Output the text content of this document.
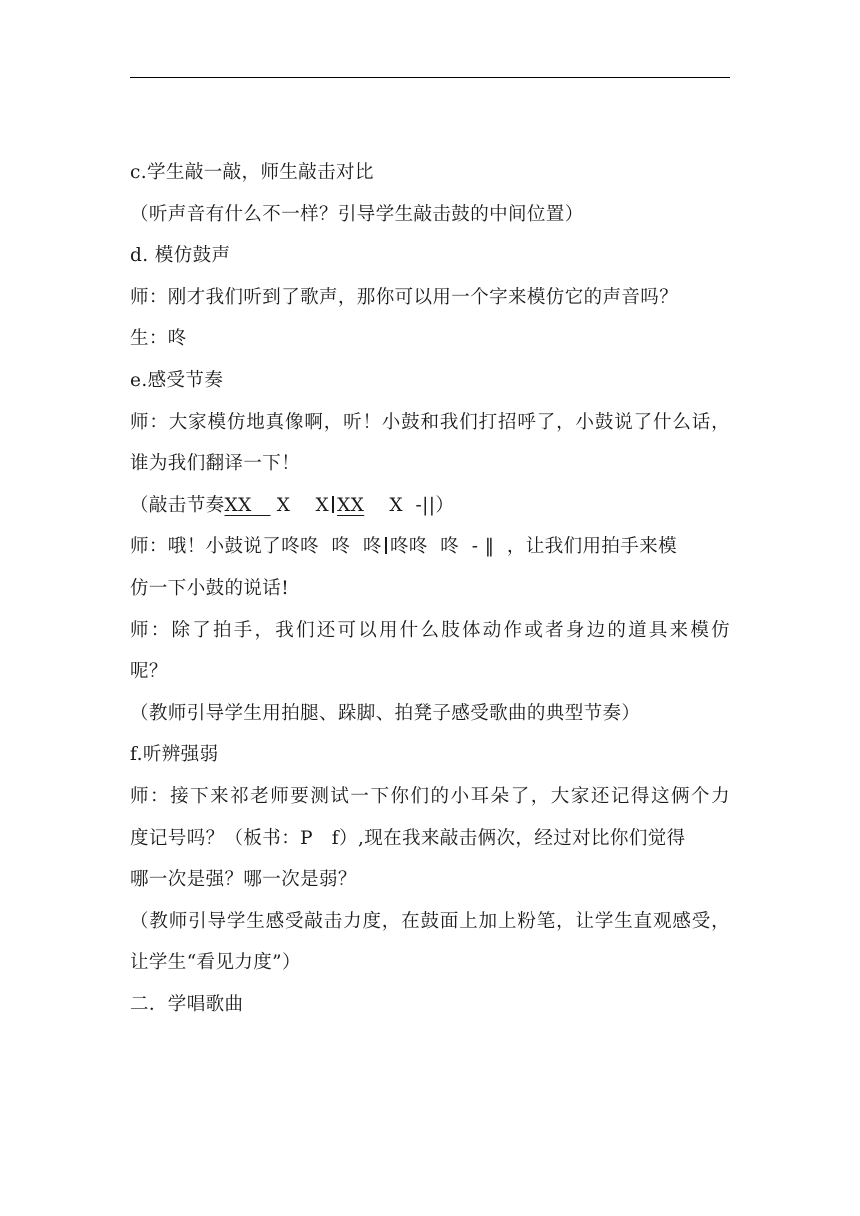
c.学生敲一敲，师生敲击对比
（听声音有什么不一样？引导学生敲击鼓的中间位置）
d. 模仿鼓声
师：刚才我们听到了歌声，那你可以用一个字来模仿它的声音吗？
生：咚
e.感受节奏
师：大家模仿地真像啊，听！小鼓和我们打招呼了，小鼓说了什么话，
谁为我们翻译一下！
（敲击节奏XX    X    X XX    X  -||）
师：哦！小鼓说了咚咚  咚  咚 咚咚  咚  - ‖  ，让我们用拍手来模
仿一下小鼓的说话!
师：除了拍手，我们还可以用什么肢体动作或者身边的道具来模仿
呢？
（教师引导学生用拍腿、跺脚、拍凳子感受歌曲的典型节奏）
f.听辨强弱
师：接下来祁老师要测试一下你们的小耳朵了，大家还记得这俩个力
度记号吗？（板书：P   f）,现在我来敲击俩次，经过对比你们觉得
哪一次是强？哪一次是弱？
（教师引导学生感受敲击力度，在鼓面上加上粉笔，让学生直观感受，
让学生“看见力度”）
二．学唱歌曲
